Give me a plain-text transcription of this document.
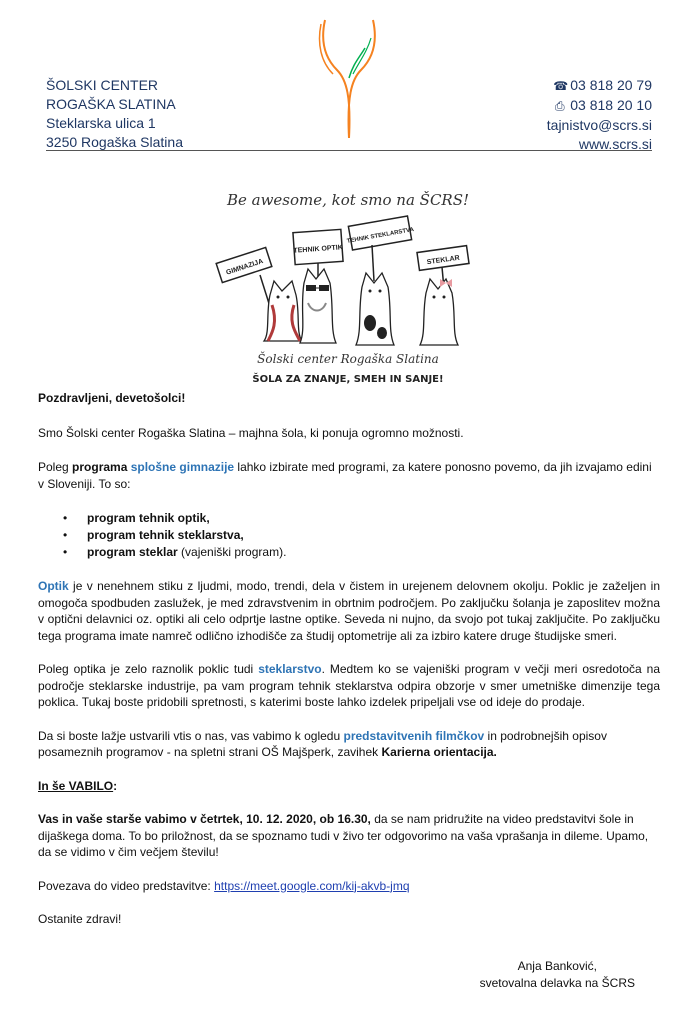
ŠOLSKI CENTER
ROGAŠKA SLATINA
Steklarska ulica 1
3250 Rogaška Slatina
☎ 03 818 20 79
⎙ 03 818 20 10
tajnistvo@scrs.si
www.scrs.si
Be awesome, kot smo na ŠCRS!
GIMNAZIJA
TEHNIK OPTIK
TEHNIK STEKLARSTVA
STEKLAR
Šolski center Rogaška Slatina
ŠOLA ZA ZNANJE, SMEH IN SANJE!

Pozdravljeni, devetošolci!

Smo Šolski center Rogaška Slatina – majhna šola, ki ponuja ogromno možnosti.

Poleg programa splošne gimnazije lahko izbirate med programi, za katere ponosno povemo, da jih izvajamo edini v Sloveniji. To so:

• program tehnik optik,
• program tehnik steklarstva,
• program steklar (vajeniški program).

Optik je v nenehnem stiku z ljudmi, modo, trendi, dela v čistem in urejenem delovnem okolju. Poklic je zaželjen in omogoča spodbuden zaslužek, je med zdravstvenim in obrtnim področjem. Po zaključku šolanja je zaposlitev možna v optični delavnici oz. optiki ali celo odprtje lastne optike. Seveda ni nujno, da svojo pot tukaj zaključite. Po zaključku tega programa imate namreč odlično izhodišče za študij optometrije ali za izbiro katere druge študijske smeri.

Poleg optika je zelo raznolik poklic tudi steklarstvo. Medtem ko se vajeniški program v večji meri osredotoča na področje steklarske industrije, pa vam program tehnik steklarstva odpira obzorje v smer umetniške dimenzije tega poklica. Tukaj boste pridobili spretnosti, s katerimi boste lahko izdelek pripeljali vse od ideje do prodaje.

Da si boste lažje ustvarili vtis o nas, vas vabimo k ogledu predstavitvenih filmčkov in podrobnejših opisov posameznih programov - na spletni strani OŠ Majšperk, zavihek Karierna orientacija.

In še VABILO:

Vas in vaše starše vabimo v četrtek, 10. 12. 2020, ob 16.30, da se nam pridružite na video predstavitvi šole in dijaškega doma. To bo priložnost, da se spoznamo tudi v živo ter odgovorimo na vaša vprašanja in dileme. Upamo, da se vidimo v čim večjem številu!

Povezava do video predstavitve: https://meet.google.com/kij-akvb-jmq

Ostanite zdravi!

Anja Banković,
svetovalna delavka na ŠCRS
